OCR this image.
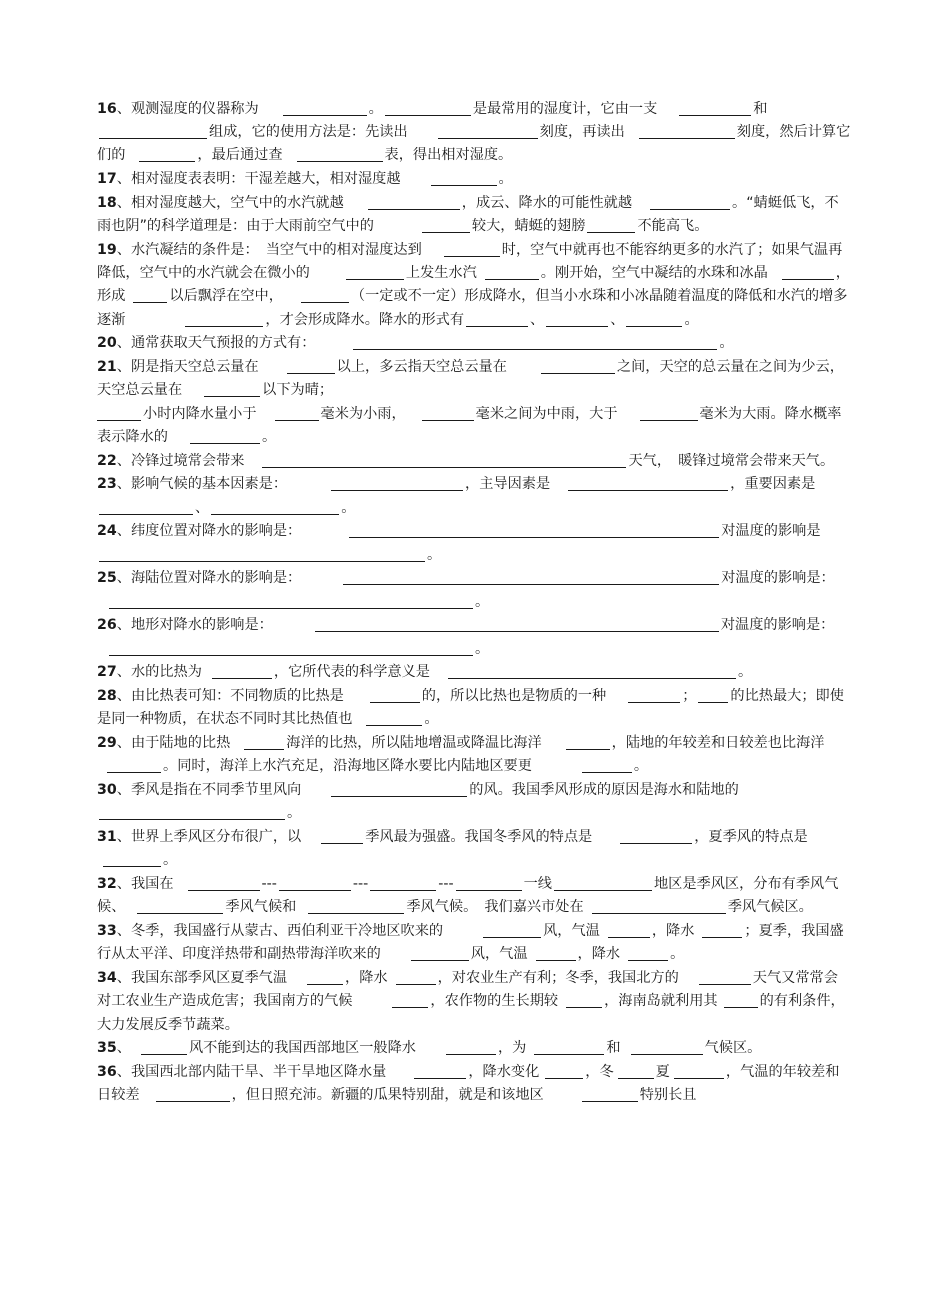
16、观测湿度的仪器称为	。	是最常用的湿度计，它由一支	和组成，它的使用方法是：先读出	刻度，再读出	刻度，然后计算它们的	，最后通过查	表，得出相对湿度。
17、相对湿度表表明：干湿差越大，相对湿度越	。
18、相对湿度越大，空气中的水汽就越	，成云、降水的可能性就越	。“蜻蜓低飞，不雨也阴”的科学道理是：由于大雨前空气中的	较大，蜻蜓的翅膀	不能高飞。
19、水汽凝结的条件是：　当空气中的相对湿度达到	时，空气中就再也不能容纳更多的水汽了；如果气温再降低，空气中的水汽就会在微小的	上发生水汽	。刚开始，空气中凝结的水珠和冰晶	，形成	以后飘浮在空中，	（一定或不一定）形成降水，但当小水珠和小冰晶随着温度的降低和水汽的增多逐渐	，才会形成降水。降水的形式有	、	、	。
20、通常获取天气预报的方式有：	。
21、阴是指天空总云量在	以上，多云指天空总云量在	之间，天空的总云量在之间为少云，天空总云量在	以下为晴；
小时内降水量小于	毫米为小雨，	毫米之间为中雨，大于	毫米为大雨。降水概率表示降水的	。
22、冷锋过境常会带来	天气，　暖锋过境常会带来天气。
23、影响气候的基本因素是：	，主导因素是	，重要因素是、	。
24、纬度位置对降水的影响是：	对温度的影响是。
25、海陆位置对降水的影响是：	对温度的影响是：。
26、地形对降水的影响是：	对温度的影响是：。
27、水的比热为	，它所代表的科学意义是	。
28、由比热表可知：不同物质的比热是	的，所以比热也是物质的一种	； 的比热最大；即使是同一种物质，在状态不同时其比热值也	。
29、由于陆地的比热	海洋的比热，所以陆地增温或降温比海洋	，陆地的年较差和日较差也比海洋。同时，海洋上水汽充足，沿海地区降水要比内陆地区要更	。
30、季风是指在不同季节里风向	的风。我国季风形成的原因是海水和陆地的。
31、世界上季风区分布很广，以	季风最为强盛。我国冬季风的特点是	，夏季风的特点是。
32、我国在	---	---	---	一线	地区是季风区，分布有季风气候、	季风气候和	季风气候。　我们嘉兴市处在	季风气候区。
33、冬季，我国盛行从蒙古、西伯利亚干冷地区吹来的	风，气温	，降水	；夏季，我国盛行从太平洋、印度洋热带和副热带海洋吹来的	风，气温	，降水	。
34、我国东部季风区夏季气温	，降水	，对农业生产有利；冬季，我国北方的	天气又常常会对工农业生产造成危害；我国南方的气候	，农作物的生长期较	，海南岛就利用其	的有利条件，大力发展反季节蔬菜。
35、	风不能到达的我国西部地区一般降水	，为	和	气候区。
36、我国西北部内陆干旱、半干旱地区降水量	，降水变化	，冬	夏	，气温的年较差和日较差	，但日照充沛。新疆的瓜果特别甜，就是和该地区	特别长且
